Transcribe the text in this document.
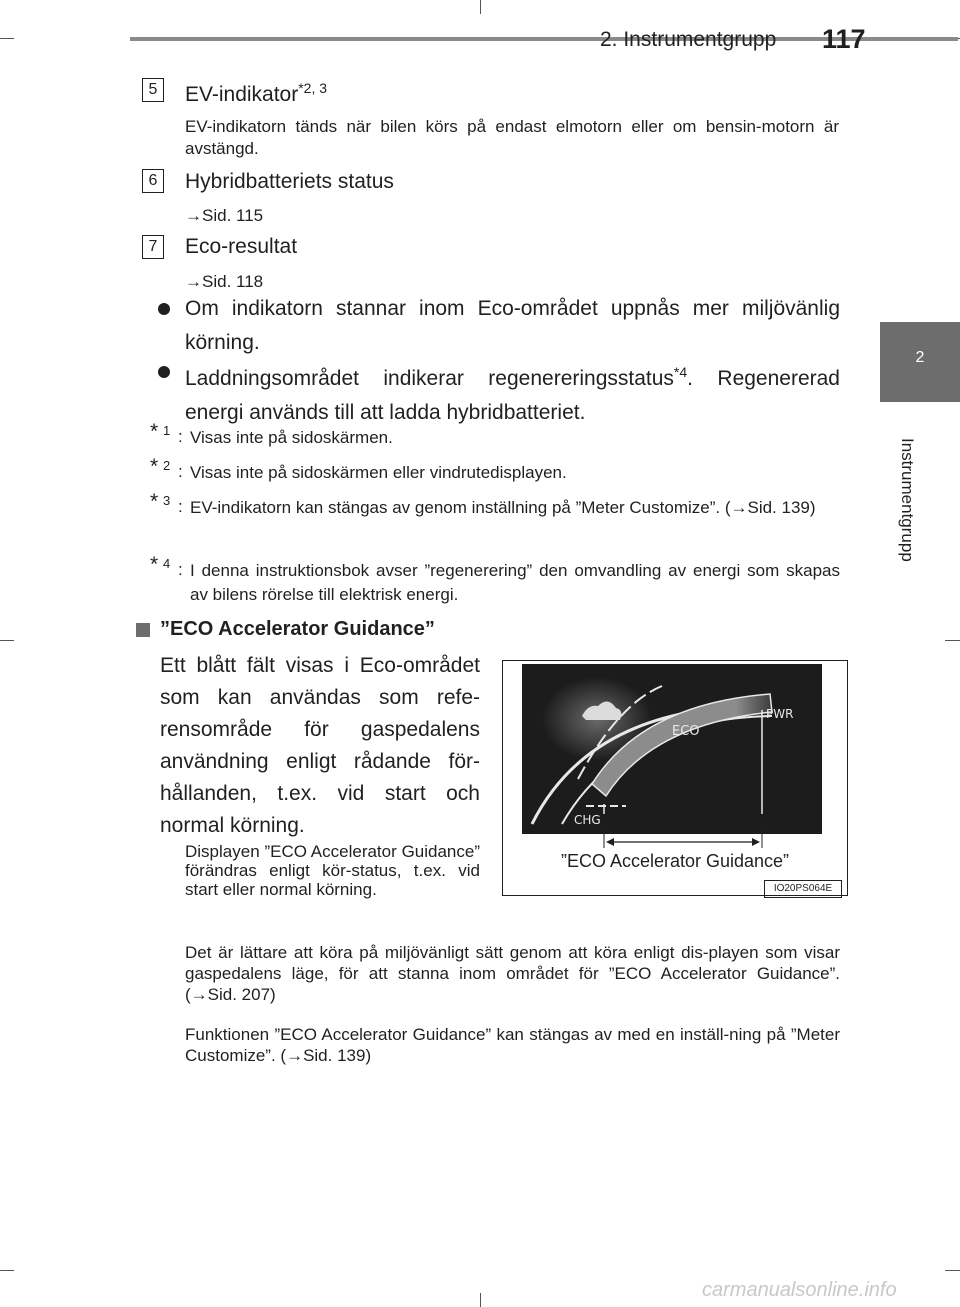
2. Instrumentgrupp 117
2
Instrumentgrupp
5	EV-indikator$^{*2, 3}$
EV-indikatorn tänds när bilen körs på endast elmotorn eller om bensin-motorn är avstängd.
6	Hybridbatteriets status
→Sid. 115
7	Eco-resultat
→Sid. 118
Om indikatorn stannar inom Eco-området uppnås mer miljövänlig körning.
Laddningsområdet indikerar regenereringsstatus$^{*4}$. Regenererad energi används till att ladda hybridbatteriet.
* 1 : Visas inte på sidoskärmen.
* 2 : Visas inte på sidoskärmen eller vindrutedisplayen.
* 3 : EV-indikatorn kan stängas av genom inställning på ”Meter Customize”. (→Sid. 139)
* 4 : I denna instruktionsbok avser ”regenerering” den omvandling av energi som skapas av bilens rörelse till elektrisk energi.
”ECO Accelerator Guidance”
Ett blått fält visas i Eco-området som kan användas som refe-rensområde för gaspedalens användning enligt rådande för-hållanden, t.ex. vid start och normal körning.
Displayen ”ECO Accelerator Guidance” förändras enligt kör-status, t.ex. vid start eller normal körning.
ECO
PWR
CHG
”ECO Accelerator Guidance”
IO20PS064E
Det är lättare att köra på miljövänligt sätt genom att köra enligt dis-playen som visar gaspedalens läge, för att stanna inom området för ”ECO Accelerator Guidance”. (→Sid. 207)
Funktionen ”ECO Accelerator Guidance” kan stängas av med en inställ-ning på ”Meter Customize”. (→Sid. 139)
carmanualsonline.info
